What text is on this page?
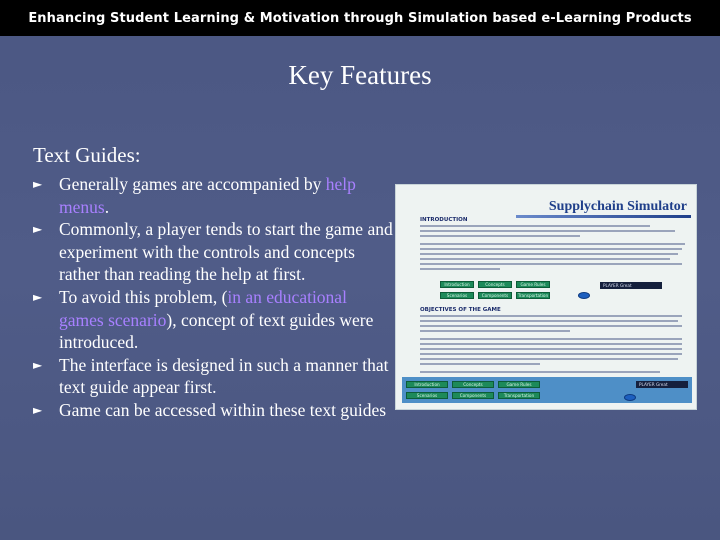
Enhancing Student Learning & Motivation through Simulation based e-Learning Products
Key Features
Text Guides:
► Generally games are accompanied by help menus.
► Commonly, a player tends to start the game and experiment with the controls and concepts rather than reading the help at first.
► To avoid this problem, (in an educational games scenario), concept of text guides were introduced.
► The interface is designed in such a manner that text guide appear first.
► Game can be accessed within these text guides
Supplychain Simulator
INTRODUCTION
Introduction	Concepts	Game Rules
Scenarios	Components	Transportation
PLAYER Great
OBJECTIVES OF THE GAME
Introduction	Concepts	Game Rules
Scenarios	Components	Transportation
PLAYER Great
